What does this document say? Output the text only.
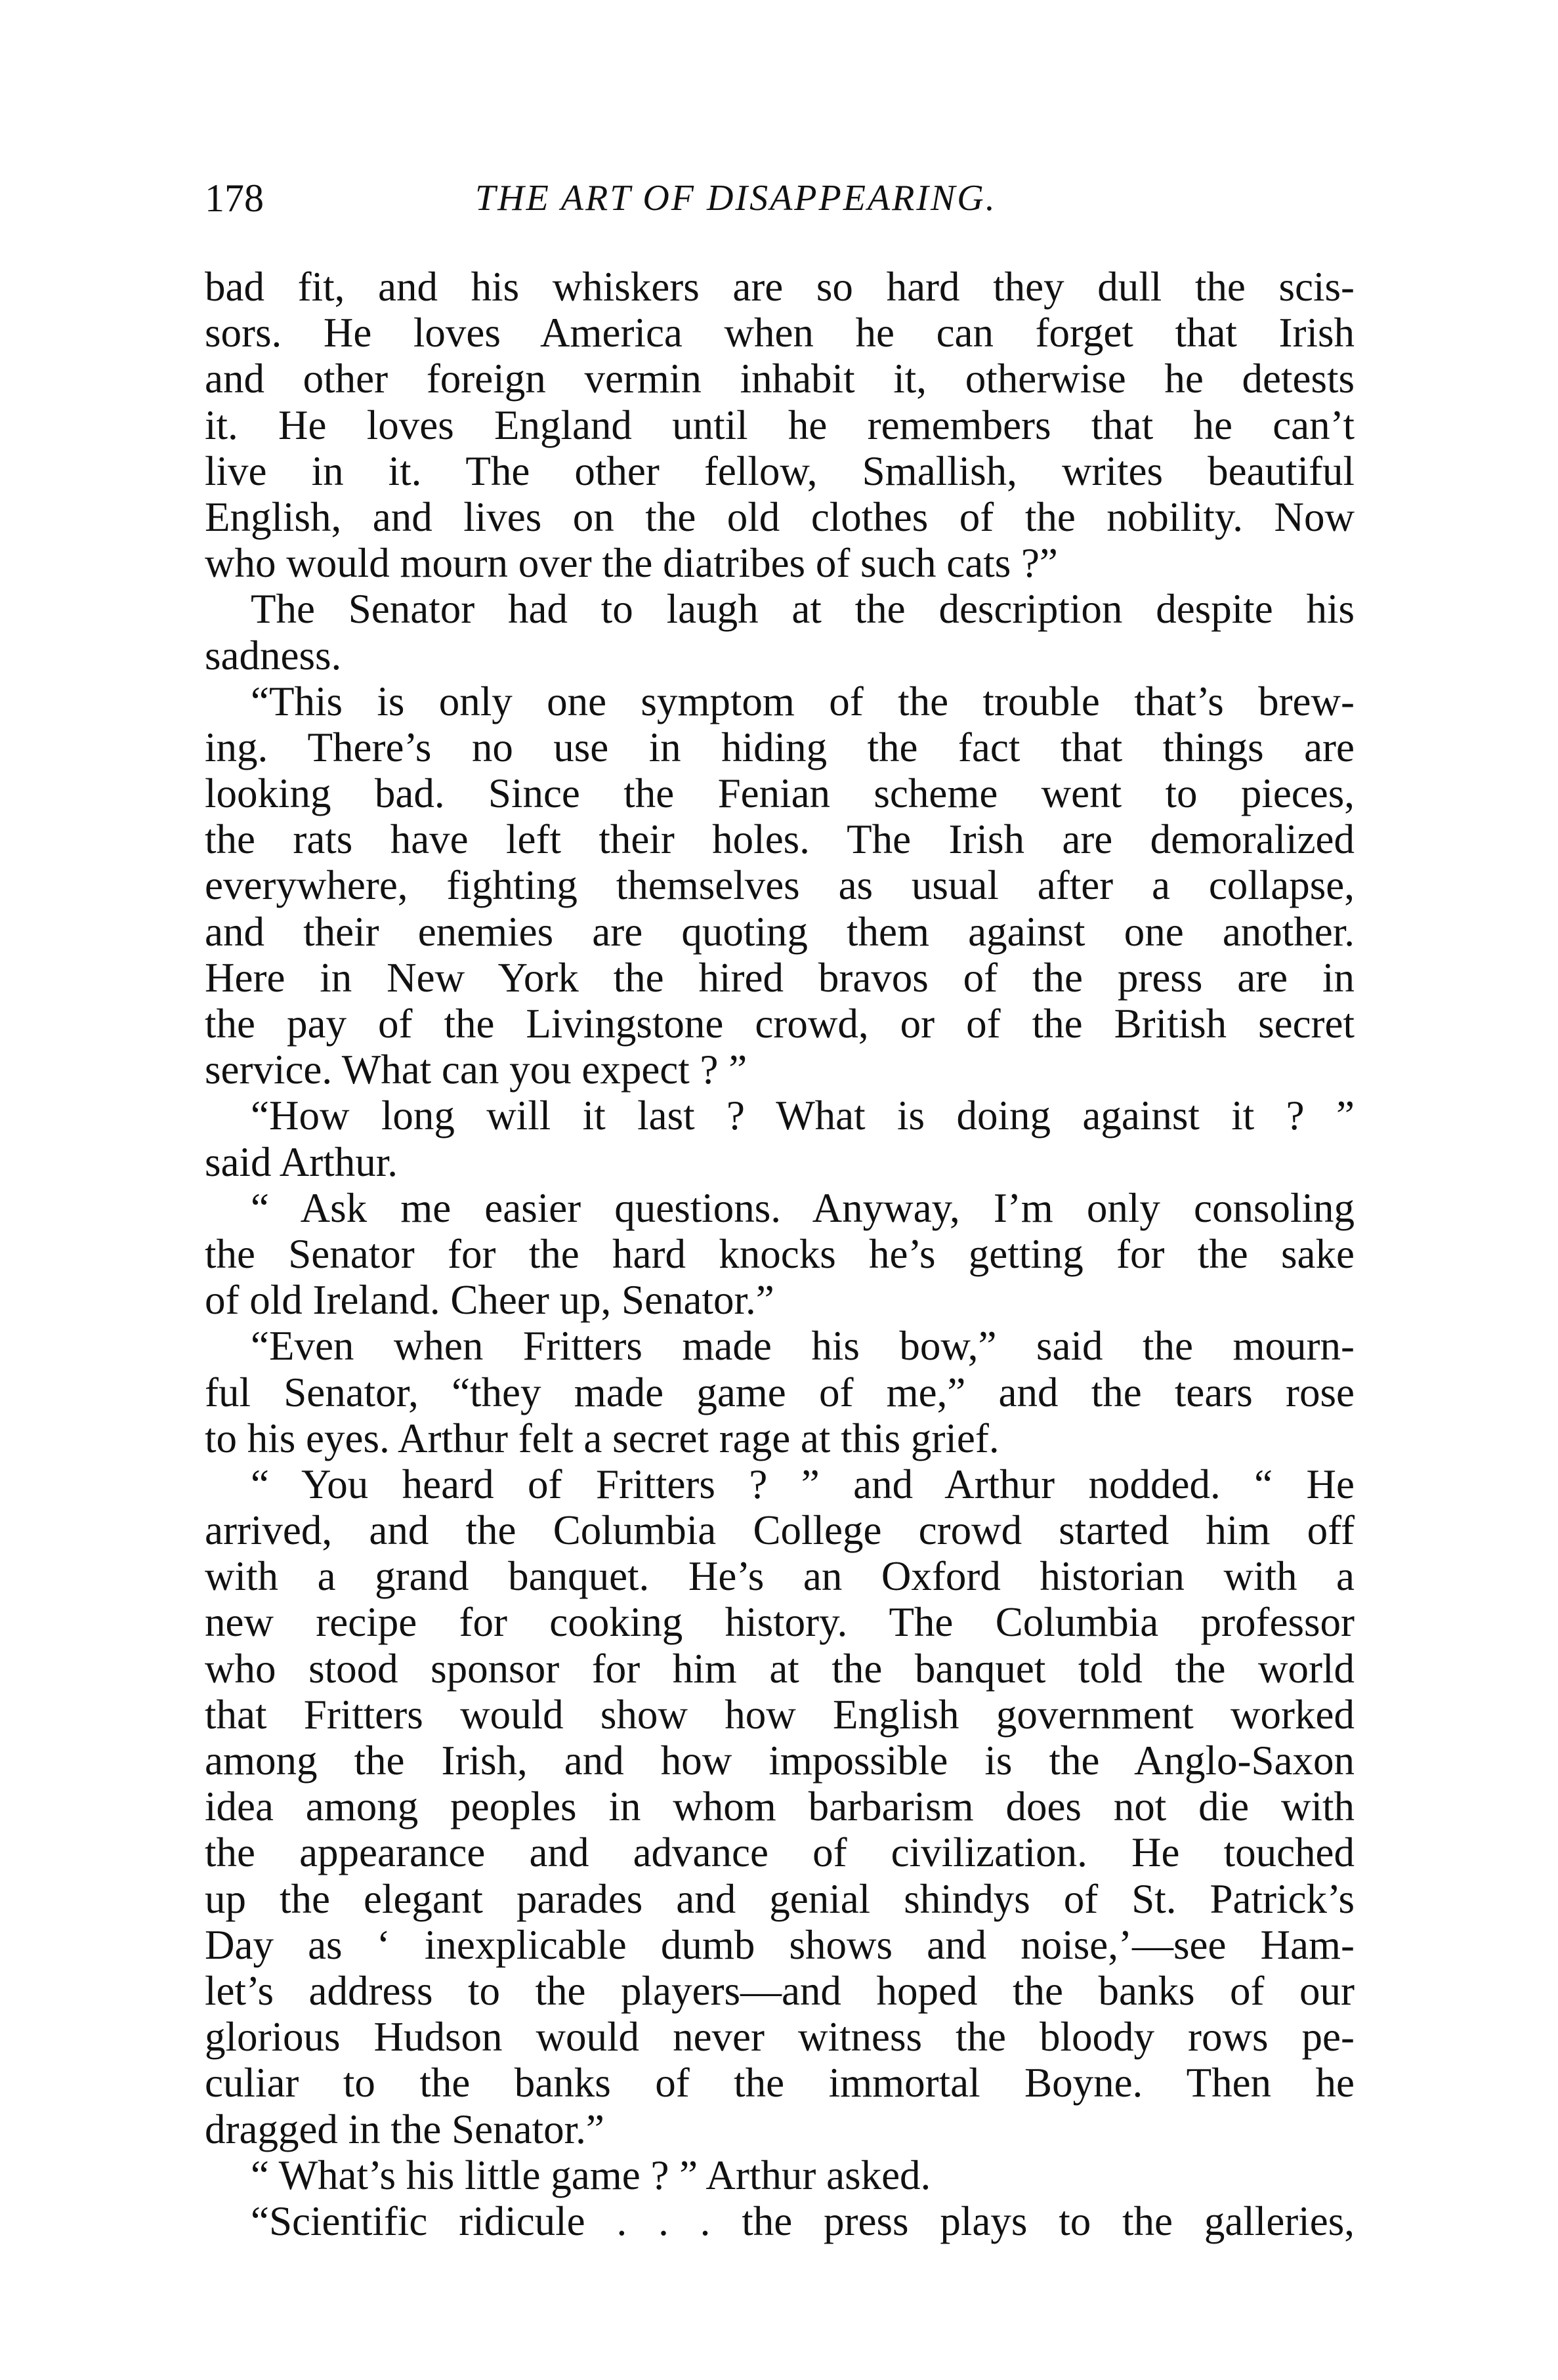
178	THE ART OF DISAPPEARING.
bad fit, and his whiskers are so hard they dull the scis-
sors. He loves America when he can forget that Irish
and other foreign vermin inhabit it, otherwise he detests
it. He loves England until he remembers that he can’t
live in it. The other fellow, Smallish, writes beautiful
English, and lives on the old clothes of the nobility. Now
who would mourn over the diatribes of such cats ?”
The Senator had to laugh at the description despite his
sadness.
“This is only one symptom of the trouble that’s brew-
ing. There’s no use in hiding the fact that things are
looking bad. Since the Fenian scheme went to pieces,
the rats have left their holes. The Irish are demoralized
everywhere, fighting themselves as usual after a collapse,
and their enemies are quoting them against one another.
Here in New York the hired bravos of the press are in
the pay of the Livingstone crowd, or of the British secret
service. What can you expect ? ”
“How long will it last ? What is doing against it ? ”
said Arthur.
“ Ask me easier questions. Anyway, I’m only consoling
the Senator for the hard knocks he’s getting for the sake
of old Ireland. Cheer up, Senator.”
“Even when Fritters made his bow,” said the mourn-
ful Senator, “they made game of me,” and the tears rose
to his eyes. Arthur felt a secret rage at this grief.
“ You heard of Fritters ? ” and Arthur nodded. “ He
arrived, and the Columbia College crowd started him off
with a grand banquet. He’s an Oxford historian with a
new recipe for cooking history. The Columbia professor
who stood sponsor for him at the banquet told the world
that Fritters would show how English government worked
among the Irish, and how impossible is the Anglo-Saxon
idea among peoples in whom barbarism does not die with
the appearance and advance of civilization. He touched
up the elegant parades and genial shindys of St. Patrick’s
Day as ‘ inexplicable dumb shows and noise,’—see Ham-
let’s address to the players—and hoped the banks of our
glorious Hudson would never witness the bloody rows pe-
culiar to the banks of the immortal Boyne. Then he
dragged in the Senator.”
“ What’s his little game ? ” Arthur asked.
“Scientific ridicule . . . the press plays to the galleries,
